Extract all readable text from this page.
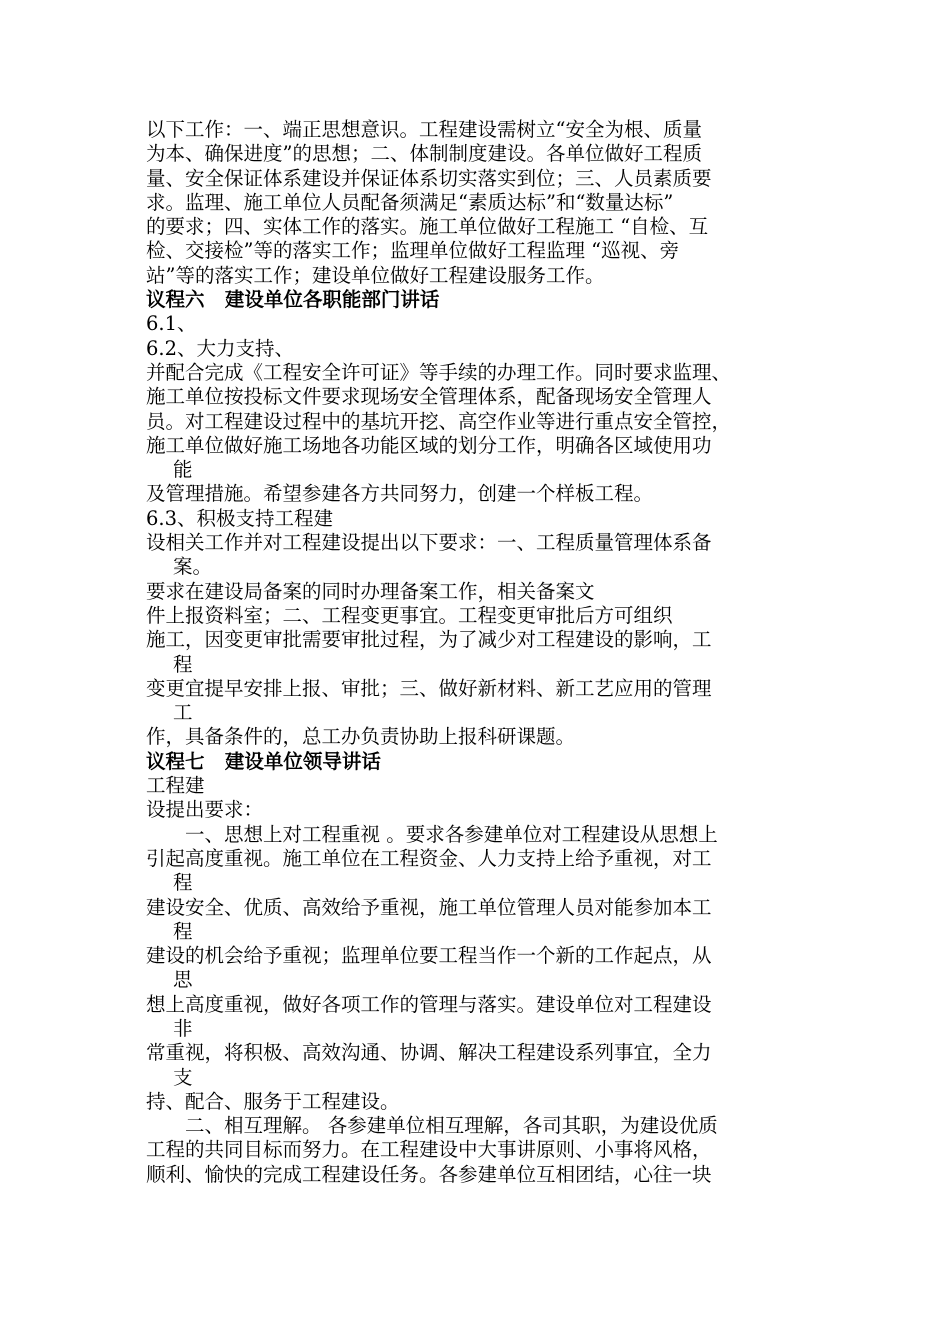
以下工作：一、端正思想意识。工程建设需树立“安全为根、质量
为本、确保进度”的思想；二、体制制度建设。各单位做好工程质
量、安全保证体系建设并保证体系切实落实到位；三、人员素质要
求。监理、施工单位人员配备须满足“素质达标”和“数量达标”
的要求；四、实体工作的落实。施工单位做好工程施工 “自检、互
检、交接检”等的落实工作；监理单位做好工程监理 “巡视、旁
站”等的落实工作；建设单位做好工程建设服务工作。
议程六   建设单位各职能部门讲话
6.1、
6.2、大力支持、
并配合完成《工程安全许可证》等手续的办理工作。同时要求监理、
施工单位按投标文件要求现场安全管理体系，配备现场安全管理人
员。对工程建设过程中的基坑开挖、高空作业等进行重点安全管控，
施工单位做好施工场地各功能区域的划分工作，明确各区域使用功
能
及管理措施。希望参建各方共同努力，创建一个样板工程。
6.3、积极支持工程建
设相关工作并对工程建设提出以下要求：一、工程质量管理体系备
案。
要求在建设局备案的同时办理备案工作，相关备案文
件上报资料室；二、工程变更事宜。工程变更审批后方可组织
施工，因变更审批需要审批过程，为了减少对工程建设的影响，工
程
变更宜提早安排上报、审批；三、做好新材料、新工艺应用的管理
工
作，具备条件的，总工办负责协助上报科研课题。
议程七   建设单位领导讲话
工程建
设提出要求：
一、思想上对工程重视 。要求各参建单位对工程建设从思想上
引起高度重视。施工单位在工程资金、人力支持上给予重视，对工
程
建设安全、优质、高效给予重视，施工单位管理人员对能参加本工
程
建设的机会给予重视；监理单位要工程当作一个新的工作起点，从
思
想上高度重视，做好各项工作的管理与落实。建设单位对工程建设
非
常重视，将积极、高效沟通、协调、解决工程建设系列事宜，全力
支
持、配合、服务于工程建设。
二、相互理解。 各参建单位相互理解，各司其职，为建设优质
工程的共同目标而努力。在工程建设中大事讲原则、小事将风格，
顺利、愉快的完成工程建设任务。各参建单位互相团结，心往一块
